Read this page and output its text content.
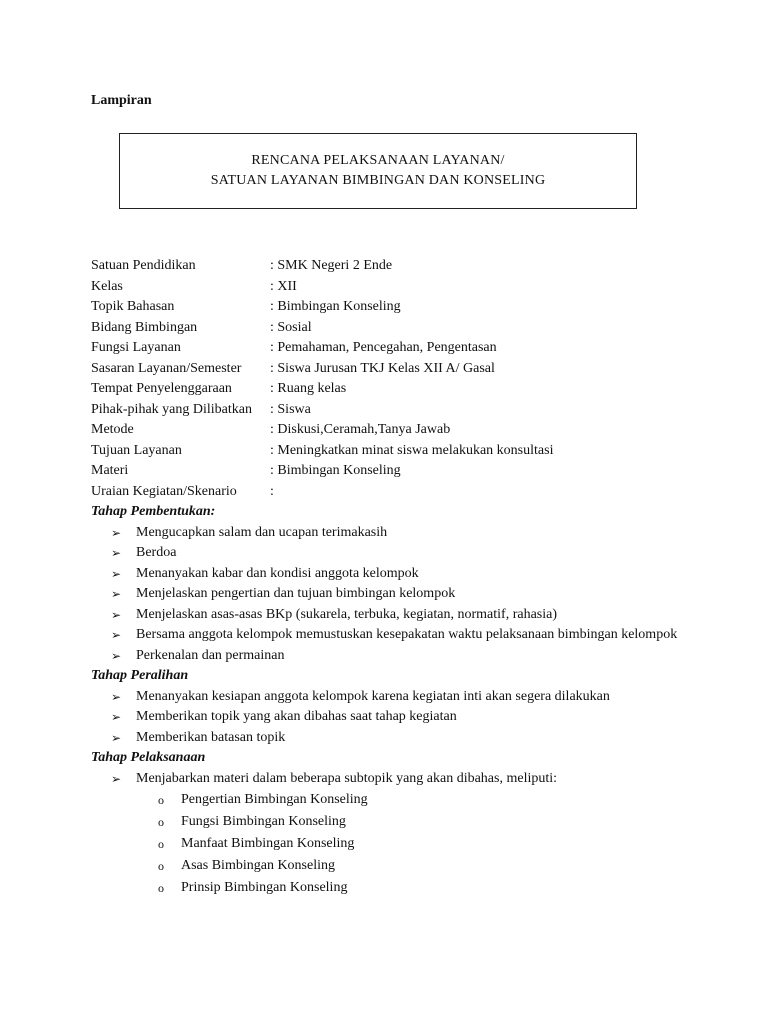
Lampiran
RENCANA PELAKSANAAN LAYANAN/
SATUAN LAYANAN BIMBINGAN DAN KONSELING
Satuan Pendidikan	: SMK Negeri 2 Ende
Kelas	: XII
Topik Bahasan	: Bimbingan Konseling
Bidang Bimbingan	: Sosial
Fungsi Layanan	: Pemahaman, Pencegahan, Pengentasan
Sasaran Layanan/Semester	: Siswa Jurusan TKJ Kelas XII A/ Gasal
Tempat Penyelenggaraan	: Ruang kelas
Pihak-pihak yang Dilibatkan	: Siswa
Metode	: Diskusi,Ceramah,Tanya Jawab
Tujuan Layanan	: Meningkatkan minat siswa melakukan konsultasi
Materi	: Bimbingan Konseling
Uraian Kegiatan/Skenario
:
Tahap Pembentukan:
➢ Mengucapkan salam dan ucapan terimakasih
➢ Berdoa
➢ Menanyakan kabar dan kondisi anggota kelompok
➢ Menjelaskan pengertian dan tujuan bimbingan kelompok
➢ Menjelaskan asas-asas BKp (sukarela, terbuka, kegiatan, normatif, rahasia)
➢ Bersama anggota kelompok memustuskan kesepakatan waktu pelaksanaan bimbingan kelompok
➢ Perkenalan dan permainan
Tahap Peralihan
➢ Menanyakan kesiapan anggota kelompok karena kegiatan inti akan segera dilakukan
➢ Memberikan topik yang akan dibahas saat tahap kegiatan
➢ Memberikan batasan topik
Tahap Pelaksanaan
➢ Menjabarkan materi dalam beberapa subtopik yang akan dibahas, meliputi:
o Pengertian Bimbingan Konseling
o Fungsi Bimbingan Konseling
o Manfaat Bimbingan Konseling
o Asas Bimbingan Konseling
o Prinsip Bimbingan Konseling
